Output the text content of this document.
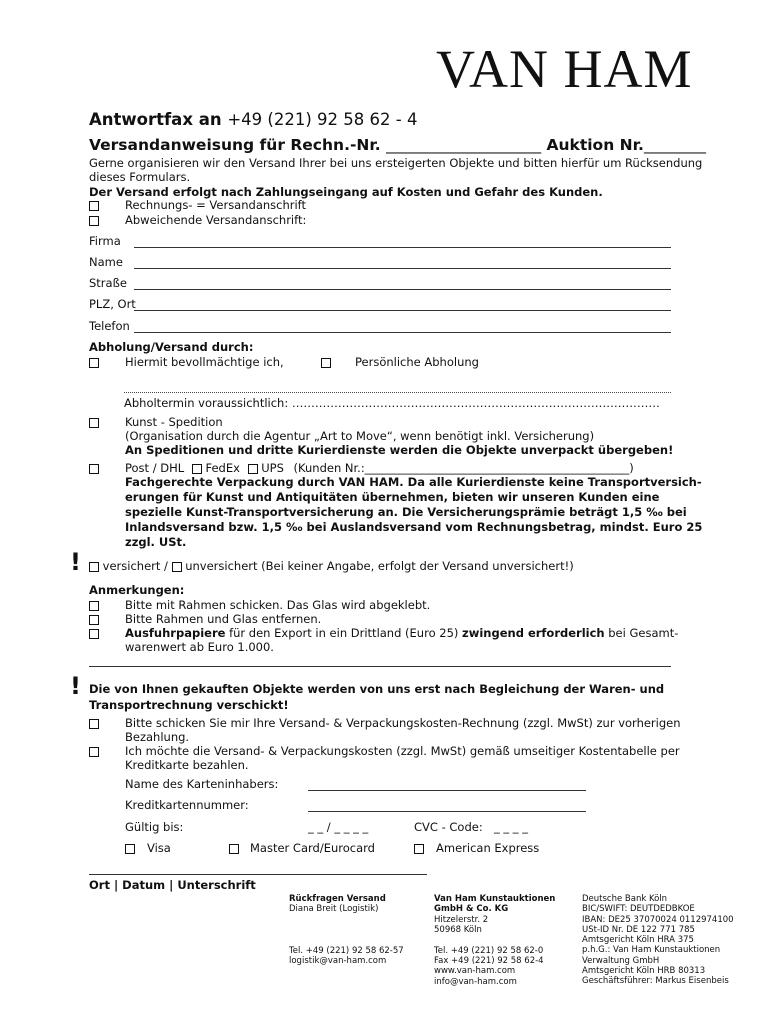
VAN HAM
Antwortfax an +49 (221) 92 58 62 - 4
Versandanweisung für Rechn.-Nr. ____________________ Auktion Nr.________
Gerne organisieren wir den Versand Ihrer bei uns ersteigerten Objekte und bitten hierfür um Rücksendung
dieses Formulars.
Der Versand erfolgt nach Zahlungseingang auf Kosten und Gefahr des Kunden.
Rechnungs- = Versandanschrift
Abweichende Versandanschrift:
Firma
Name
Straße
PLZ, Ort
Telefon
Abholung/Versand durch:
Hiermit bevollmächtige ich,	Persönliche Abholung
Abholtermin voraussichtlich: ……………………………………………………………………………………
Kunst - Spedition
(Organisation durch die Agentur „Art to Move“, wenn benötigt inkl. Versicherung)
An Speditionen und dritte Kurierdienste werden die Objekte unverpackt übergeben!
Post / DHL FedEx UPS (Kunden Nr.:______________________________________________)
Fachgerechte Verpackung durch VAN HAM. Da alle Kurierdienste keine Transportversich-
erungen für Kunst und Antiquitäten übernehmen, bieten wir unseren Kunden eine
spezielle Kunst-Transportversicherung an. Die Versicherungsprämie beträgt 1,5 ‰ bei
Inlandsversand bzw. 1,5 ‰ bei Auslandsversand vom Rechnungsbetrag, mindst. Euro 25
zzgl. USt.
!	versichert / unversichert (Bei keiner Angabe, erfolgt der Versand unversichert!)
Anmerkungen:
Bitte mit Rahmen schicken. Das Glas wird abgeklebt.
Bitte Rahmen und Glas entfernen.
Ausfuhrpapiere für den Export in ein Drittland (Euro 25) zwingend erforderlich bei Gesamt-
warenwert ab Euro 1.000.
! Die von Ihnen gekauften Objekte werden von uns erst nach Begleichung der Waren- und
Transportrechnung verschickt!
Bitte schicken Sie mir Ihre Versand- & Verpackungskosten-Rechnung (zzgl. MwSt) zur vorherigen
Bezahlung.
Ich möchte die Versand- & Verpackungskosten (zzgl. MwSt) gemäß umseitiger Kostentabelle per
Kreditkarte bezahlen.
Name des Karteninhabers:
Kreditkartennummer:
Gültig bis:	_ _ / _ _ _ _	CVC - Code: _ _ _ _
Visa	Master Card/Eurocard	American Express
Ort | Datum | Unterschrift
Rückfragen Versand
Diana Breit (Logistik)
Tel. +49 (221) 92 58 62-57
logistik@van-ham.com
Van Ham Kunstauktionen
GmbH & Co. KG
Hitzelerstr. 2
50968 Köln
Tel. +49 (221) 92 58 62-0
Fax +49 (221) 92 58 62-4
www.van-ham.com
info@van-ham.com
Deutsche Bank Köln
BIC/SWIFT: DEUTDEDBKOE
IBAN: DE25 37070024 0112974100
USt-ID Nr. DE 122 771 785
Amtsgericht Köln HRA 375
p.h.G.: Van Ham Kunstauktionen
Verwaltung GmbH
Amtsgericht Köln HRB 80313
Geschäftsführer: Markus Eisenbeis
